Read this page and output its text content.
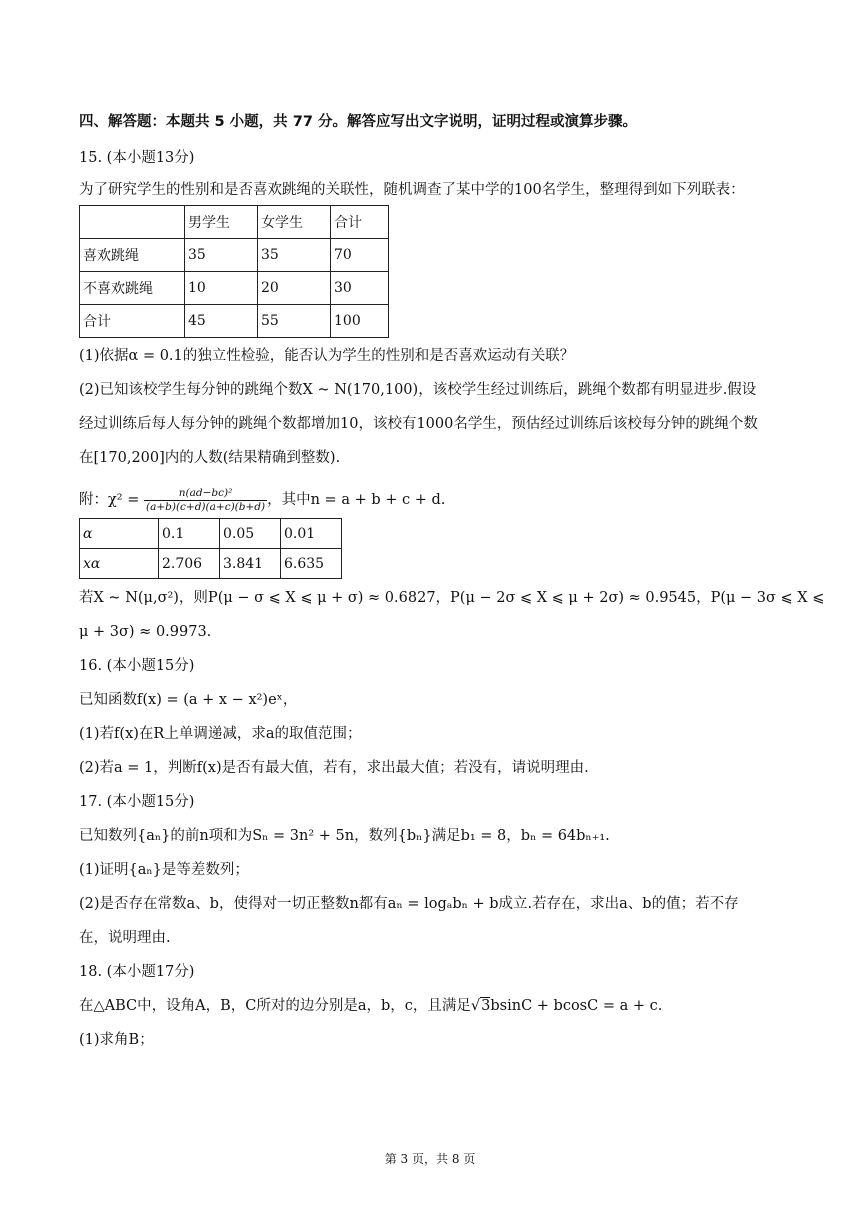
四、解答题：本题共 5 小题，共 77 分。解答应写出文字说明，证明过程或演算步骤。
15. (本小题13分)
为了研究学生的性别和是否喜欢跳绳的关联性，随机调查了某中学的100名学生，整理得到如下列联表：
	男学生	女学生	合计
喜欢跳绳	35	35	70
不喜欢跳绳	10	20	30
合计	45	55	100
(1)依据α = 0.1的独立性检验，能否认为学生的性别和是否喜欢运动有关联？
(2)已知该校学生每分钟的跳绳个数X ~ N(170,100)，该校学生经过训练后，跳绳个数都有明显进步.假设
经过训练后每人每分钟的跳绳个数都增加10，该校有1000名学生，预估经过训练后该校每分钟的跳绳个数
在[170,200]内的人数(结果精确到整数).
附：$\chi^2 = \frac{\text{n(ad−bc)²}}{(a+b)(c+d)(a+c)(b+d)}$ ，其中n = a + b + c + d.
α	0.1	0.05	0.01
xα	2.706	3.841	6.635
若X ~ N(μ,σ²)，则P(μ − σ ⩽ X ⩽ μ + σ) ≈ 0.6827，P(μ − 2σ ⩽ X ⩽ μ + 2σ) ≈ 0.9545，P(μ − 3σ ⩽ X ⩽
μ + 3σ) ≈ 0.9973.
16. (本小题15分)
已知函数f(x) = (a + x − x²)eˣ，
(1)若f(x)在R上单调递减，求a的取值范围；
(2)若a = 1，判断f(x)是否有最大值，若有，求出最大值；若没有，请说明理由.
17. (本小题15分)
已知数列{aₙ}的前n项和为Sₙ = 3n² + 5n，数列{bₙ}满足b₁ = 8，bₙ = 64bₙ₊₁.
(1)证明{aₙ}是等差数列；
(2)是否存在常数a、b，使得对一切正整数n都有aₙ = logₐbₙ + b成立.若存在，求出a、b的值；若不存
在，说明理由.
18. (本小题17分)
在△ABC中，设角A，B，C所对的边分别是a，b，c，且满足√3bsinC + bcosC = a + c.
(1)求角B；
第 3 页，共 8 页
